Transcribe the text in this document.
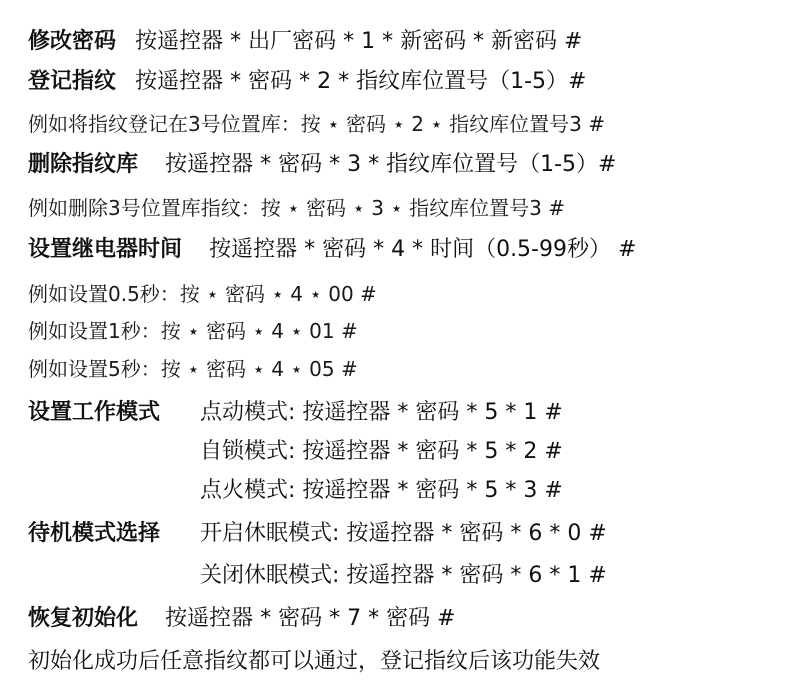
修改密码 按遥控器 * 出厂密码 * 1 * 新密码 * 新密码 #
登记指纹 按遥控器 * 密码 * 2 * 指纹库位置号（1-5）#
例如将指纹登记在3号位置库：按 ⋆ 密码 ⋆ 2 ⋆ 指纹库位置号3 #
删除指纹库 按遥控器 * 密码 * 3 * 指纹库位置号（1-5）#
例如删除3号位置库指纹：按 ⋆ 密码 ⋆ 3 ⋆ 指纹库位置号3 #
设置继电器时间 按遥控器 * 密码 * 4 * 时间（0.5-99秒） #
例如设置0.5秒：按 ⋆ 密码 ⋆ 4 ⋆ 00 #
例如设置1秒：按 ⋆ 密码 ⋆ 4 ⋆ 01 #
例如设置5秒：按 ⋆ 密码 ⋆ 4 ⋆ 05 #
设置工作模式 点动模式: 按遥控器 * 密码 * 5 * 1 #
自锁模式: 按遥控器 * 密码 * 5 * 2 #
点火模式: 按遥控器 * 密码 * 5 * 3 #
待机模式选择 开启休眠模式: 按遥控器 * 密码 * 6 * 0 #
关闭休眠模式: 按遥控器 * 密码 * 6 * 1 #
恢复初始化 按遥控器 * 密码 * 7 * 密码 #
初始化成功后任意指纹都可以通过，登记指纹后该功能失效
